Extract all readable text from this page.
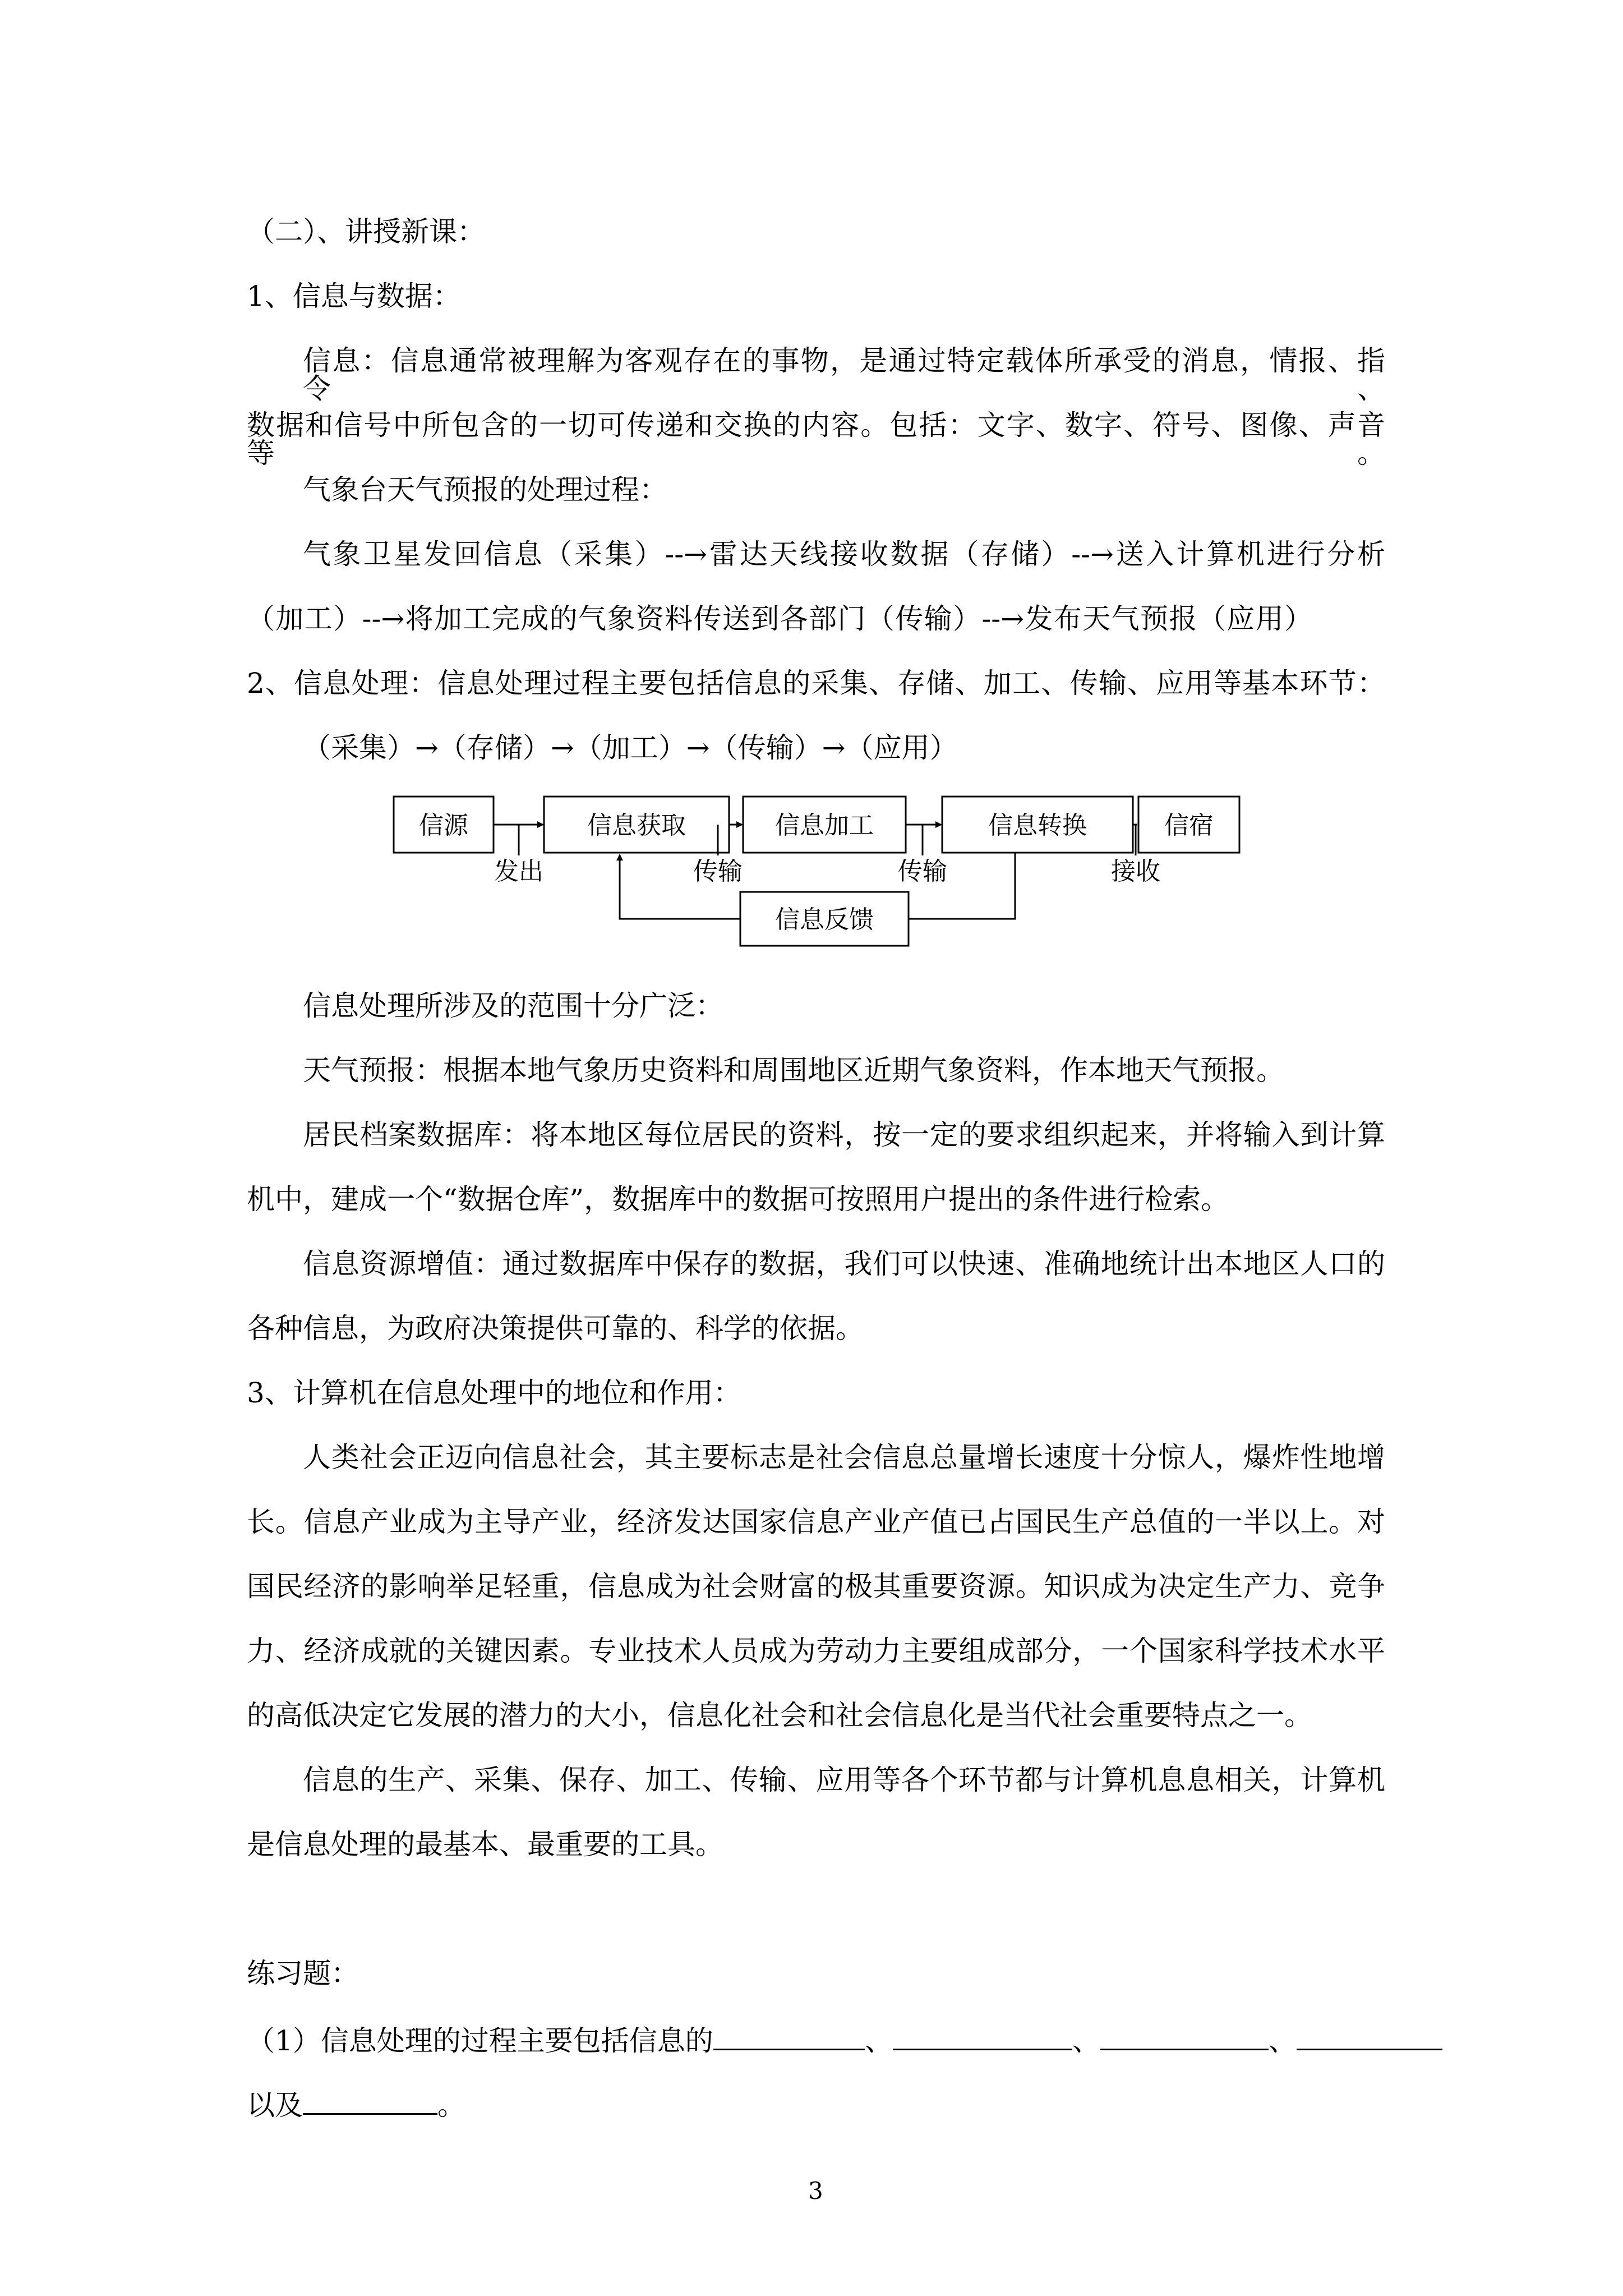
（二）、讲授新课：
1、信息与数据：
信息：信息通常被理解为客观存在的事物，是通过特定载体所承受的消息，情报、指令、
数据和信号中所包含的一切可传递和交换的内容。包括：文字、数字、符号、图像、声音等。
气象台天气预报的处理过程：
气象卫星发回信息（采集）--→雷达天线接收数据（存储）--→送入计算机进行分析
（加工）--→将加工完成的气象资料传送到各部门（传输）--→发布天气预报（应用）
2、信息处理：信息处理过程主要包括信息的采集、存储、加工、传输、应用等基本环节：
（采集）→（存储）→（加工）→（传输）→（应用）
信源	信息获取	信息加工	信息转换	信宿
信息反馈
发出	传输	传输	接收
信息处理所涉及的范围十分广泛：
天气预报：根据本地气象历史资料和周围地区近期气象资料，作本地天气预报。
居民档案数据库：将本地区每位居民的资料，按一定的要求组织起来，并将输入到计算
机中，建成一个“数据仓库”，数据库中的数据可按照用户提出的条件进行检索。
信息资源增值：通过数据库中保存的数据，我们可以快速、准确地统计出本地区人口的
各种信息，为政府决策提供可靠的、科学的依据。
3、计算机在信息处理中的地位和作用：
人类社会正迈向信息社会，其主要标志是社会信息总量增长速度十分惊人，爆炸性地增
长。信息产业成为主导产业，经济发达国家信息产业产值已占国民生产总值的一半以上。对
国民经济的影响举足轻重，信息成为社会财富的极其重要资源。知识成为决定生产力、竞争
力、经济成就的关键因素。专业技术人员成为劳动力主要组成部分，一个国家科学技术水平
的高低决定它发展的潜力的大小，信息化社会和社会信息化是当代社会重要特点之一。
信息的生产、采集、保存、加工、传输、应用等各个环节都与计算机息息相关，计算机
是信息处理的最基本、最重要的工具。
练习题：
（1）信息处理的过程主要包括信息的	、	、	、
以及	。
3
